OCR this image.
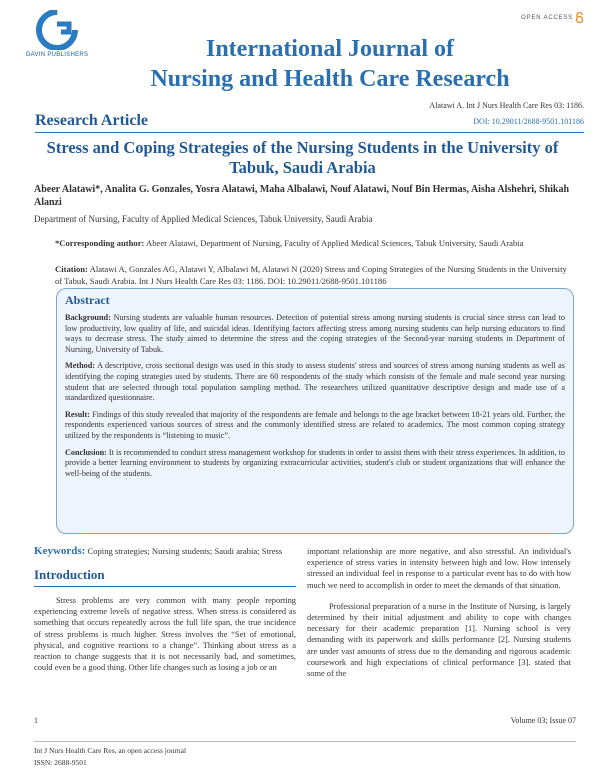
GAVIN PUBLISHERS
OPEN ACCESS
International Journal of
Nursing and Health Care Research
Alatawi A. Int J Nurs Health Care Res 03: 1186.
Research Article	DOI: 10.29011/2688-9501.101186
Stress and Coping Strategies of the Nursing Students in the University of Tabuk, Saudi Arabia
Abeer Alatawi*, Analita G. Gonzales, Yosra Alatawi, Maha Albalawi, Nouf Alatawi, Nouf Bin Hermas, Aisha Alshehri, Shikah Alanzi
Department of Nursing, Faculty of Applied Medical Sciences, Tabuk University, Saudi Arabia
*Corresponding author: Abeer Alatawi, Department of Nursing, Faculty of Applied Medical Sciences, Tabuk University, Saudi Arabia
Citation: Alatawi A, Gonzales AG, Alatawi Y, Albalawi M, Alatawi N (2020) Stress and Coping Strategies of the Nursing Students in the University of Tabuk, Saudi Arabia. Int J Nurs Health Care Res 03: 1186. DOI: 10.29011/2688-9501.101186
Abstract

Background: Nursing students are valuable human resources. Detection of potential stress among nursing students is crucial since stress can lead to low productivity, low quality of life, and suicidal ideas. Identifying factors affecting stress among nursing students can help nursing educators to find ways to decrease stress. The study aimed to determine the stress and the coping strategies of the Second-year nursing students in Department of Nursing, University of Tabuk.

Method: A descriptive, cross sectional design was used in this study to assess students' stress and sources of stress among nursing students as well as identifying the coping strategies used by students. There are 60 respondents of the study which consists of the female and male second year nursing student that are selected through total population sampling method. The researchers utilized quantitative descriptive design and made use of a standardized questionnaire.

Result: Findings of this study revealed that majority of the respondents are female and belongs to the age bracket between 18-21 years old. Further, the respondents experienced various sources of stress and the commonly identified stress are related to academics. The most common coping strategy utilized by the respondents is “listening to music”.

Conclusion: It is recommended to conduct stress management workshop for students in order to assist them with their stress experiences. In addition, to provide a better learning environment to students by organizing extracurricular activities, student's club or student organizations that will enhance the well-being of the students.

Keywords: Coping strategies; Nursing students; Saudi arabia; Stress
Introduction

Stress problems are very common with many people reporting experiencing extreme levels of negative stress. When stress is considered as something that occurs repeatedly across the full life span, the true incidence of stress problems is much higher. Stress involves the “Set of emotional, physical, and cognitive reactions to a change”. Thinking about stress as a reaction to change suggests that it is not necessarily bad, and sometimes, could even be a good thing. Other life changes such as losing a job or an

important relationship are more negative, and also stressful. An individual's experience of stress varies in intensity between high and low. How intensely stressed an individual feel in response to a particular event has to do with how much we need to accomplish in order to meet the demands of that situation.

Professional preparation of a nurse in the Institute of Nursing, is largely determined by their initial adjustment and ability to cope with changes necessary for their academic preparation [1]. Nursing school is very demanding with its paperwork and skills performance [2]. Nursing students are under vast amounts of stress due to the demanding and rigorous academic coursework and high expectations of clinical performance [3]. stated that some of the

1	Volume 03; Issue 07
Int J Nurs Health Care Res, an open access journal
ISSN: 2688-9501
